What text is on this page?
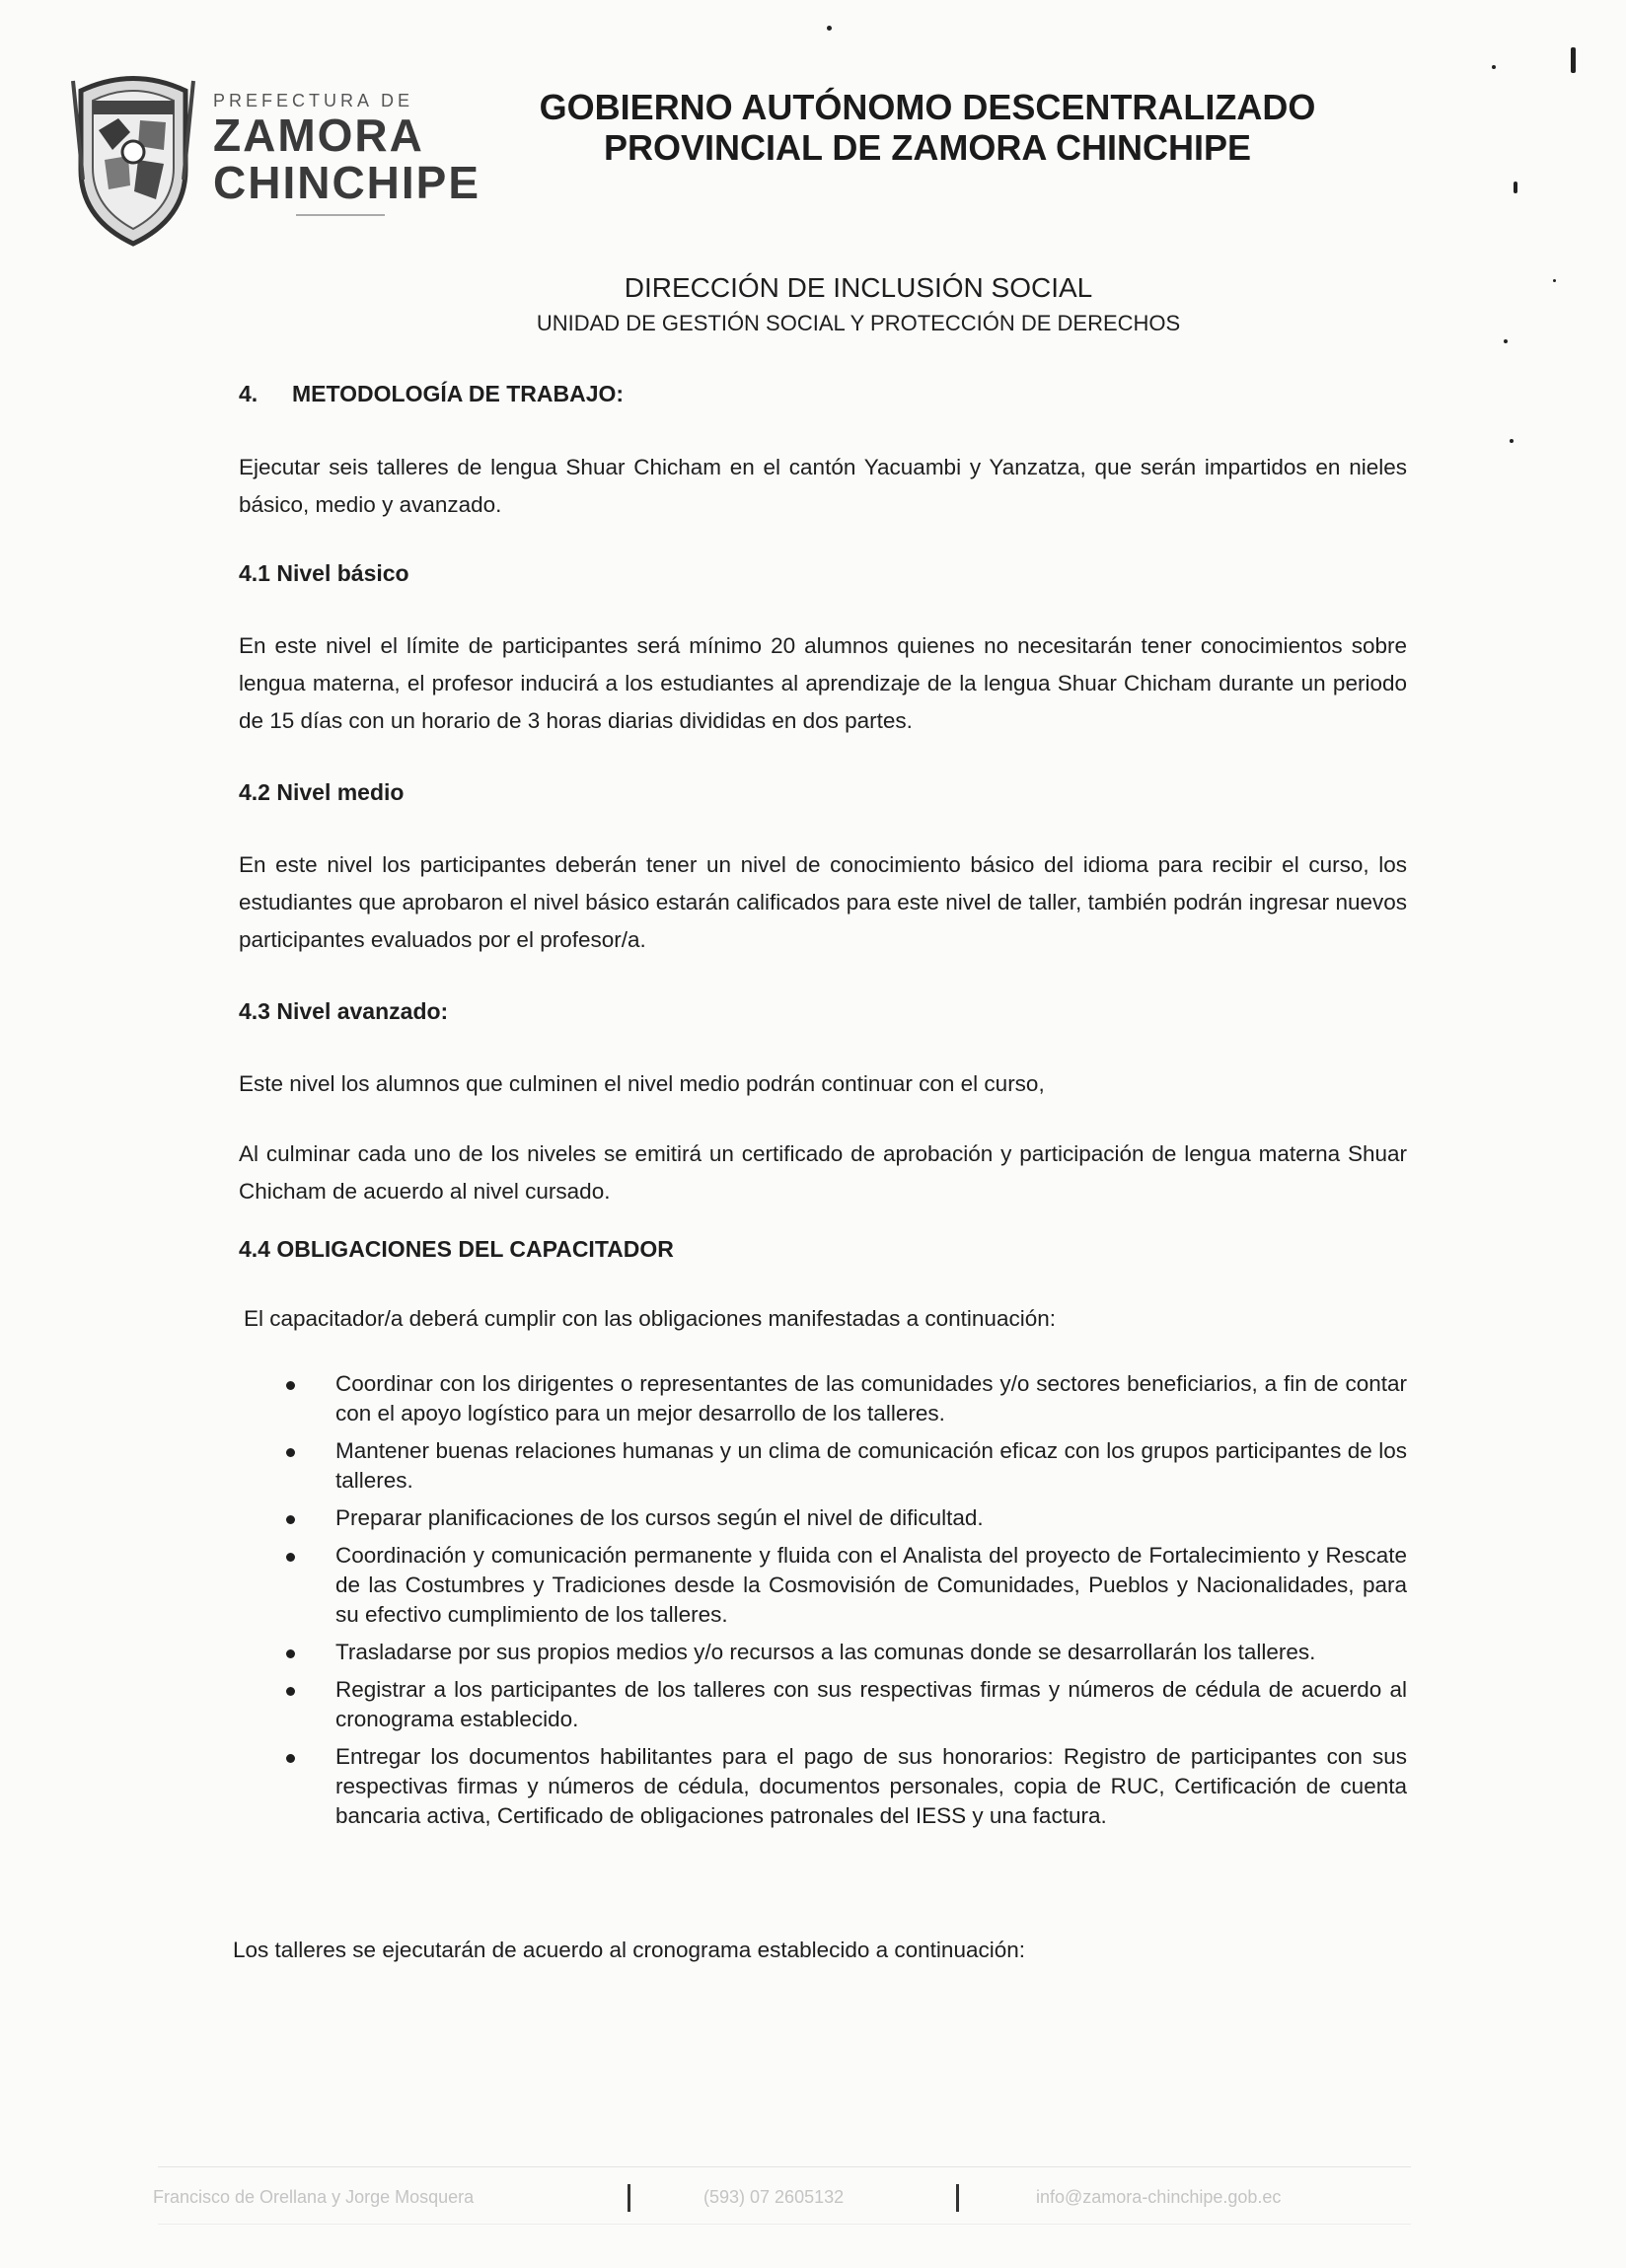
PREFECTURA DE
ZAMORA
CHINCHIPE
GOBIERNO AUTÓNOMO DESCENTRALIZADO
PROVINCIAL DE ZAMORA CHINCHIPE
DIRECCIÓN DE INCLUSIÓN SOCIAL
UNIDAD DE GESTIÓN SOCIAL Y PROTECCIÓN DE DERECHOS
4. METODOLOGÍA DE TRABAJO:
Ejecutar seis talleres de lengua Shuar Chicham en el cantón Yacuambi y Yanzatza, que serán impartidos en nieles básico, medio y avanzado.
4.1 Nivel básico
En este nivel el límite de participantes será mínimo 20 alumnos quienes no necesitarán tener conocimientos sobre lengua materna, el profesor inducirá a los estudiantes al aprendizaje de la lengua Shuar Chicham durante un periodo de 15 días con un horario de 3 horas diarias divididas en dos partes.
4.2 Nivel medio
En este nivel los participantes deberán tener un nivel de conocimiento básico del idioma para recibir el curso, los estudiantes que aprobaron el nivel básico estarán calificados para este nivel de taller, también podrán ingresar nuevos participantes evaluados por el profesor/a.
4.3 Nivel avanzado:
Este nivel los alumnos que culminen el nivel medio podrán continuar con el curso,
Al culminar cada uno de los niveles se emitirá un certificado de aprobación y participación de lengua materna Shuar Chicham de acuerdo al nivel cursado.
4.4 OBLIGACIONES DEL CAPACITADOR
El capacitador/a deberá cumplir con las obligaciones manifestadas a continuación:
Coordinar con los dirigentes o representantes de las comunidades y/o sectores beneficiarios, a fin de contar con el apoyo logístico para un mejor desarrollo de los talleres.
Mantener buenas relaciones humanas y un clima de comunicación eficaz con los grupos participantes de los talleres.
Preparar planificaciones de los cursos según el nivel de dificultad.
Coordinación y comunicación permanente y fluida con el Analista del proyecto de Fortalecimiento y Rescate de las Costumbres y Tradiciones desde la Cosmovisión de Comunidades, Pueblos y Nacionalidades, para su efectivo cumplimiento de los talleres.
Trasladarse por sus propios medios y/o recursos a las comunas donde se desarrollarán los talleres.
Registrar a los participantes de los talleres con sus respectivas firmas y números de cédula de acuerdo al cronograma establecido.
Entregar los documentos habilitantes para el pago de sus honorarios: Registro de participantes con sus respectivas firmas y números de cédula, documentos personales, copia de RUC, Certificación de cuenta bancaria activa, Certificado de obligaciones patronales del IESS y una factura.
Los talleres se ejecutarán de acuerdo al cronograma establecido a continuación:
Francisco de Orellana y Jorge Mosquera	(593) 07 2605132	info@zamora-chinchipe.gob.ec
